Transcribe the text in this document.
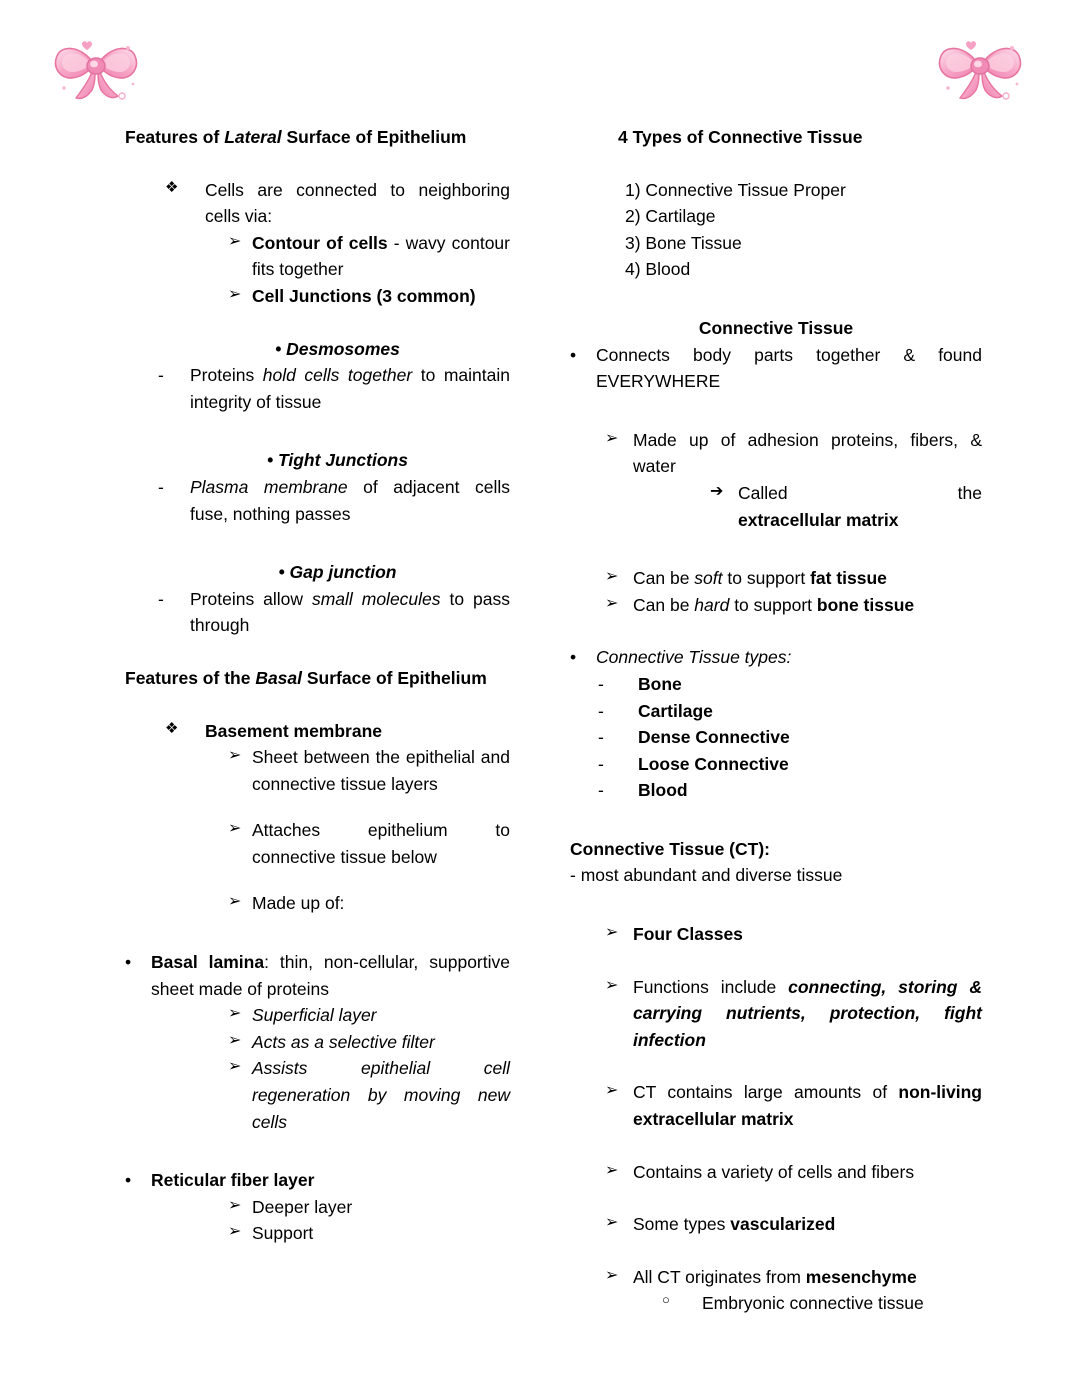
Features of Lateral Surface of Epithelium
❖	Cells are connected to neighboring cells via:
➢ Contour of cells - wavy contour fits together
➢ Cell Junctions (3 common)
• Desmosomes
-	Proteins hold cells together to maintain integrity of tissue
• Tight Junctions
-	Plasma membrane of adjacent cells fuse, nothing passes
• Gap junction
-	Proteins allow small molecules to pass through
Features of the Basal Surface of Epithelium
❖	Basement membrane
➢ Sheet between the epithelial and connective tissue layers
➢ Attaches epithelium to connective tissue below
➢ Made up of:
•	Basal lamina: thin, non-cellular, supportive sheet made of proteins
➢ Superficial layer
➢ Acts as a selective filter
➢ Assists epithelial cell regeneration by moving new cells
•	Reticular fiber layer
➢ Deeper layer
➢ Support
4 Types of Connective Tissue
1) Connective Tissue Proper
2) Cartilage
3) Bone Tissue
4) Blood
Connective Tissue
•	Connects body parts together & found EVERYWHERE
➢ Made up of adhesion proteins, fibers, & water
➔ Called the
extracellular matrix
➢ Can be soft to support fat tissue
➢ Can be hard to support bone tissue
•	Connective Tissue types:
-	Bone
-	Cartilage
-	Dense Connective
-	Loose Connective
-	Blood
Connective Tissue (CT):
- most abundant and diverse tissue
➢ Four Classes
➢ Functions include connecting, storing & carrying nutrients, protection, fight infection
➢ CT contains large amounts of non-living extracellular matrix
➢ Contains a variety of cells and fibers
➢ Some types vascularized
➢ All CT originates from mesenchyme
○	Embryonic connective tissue
